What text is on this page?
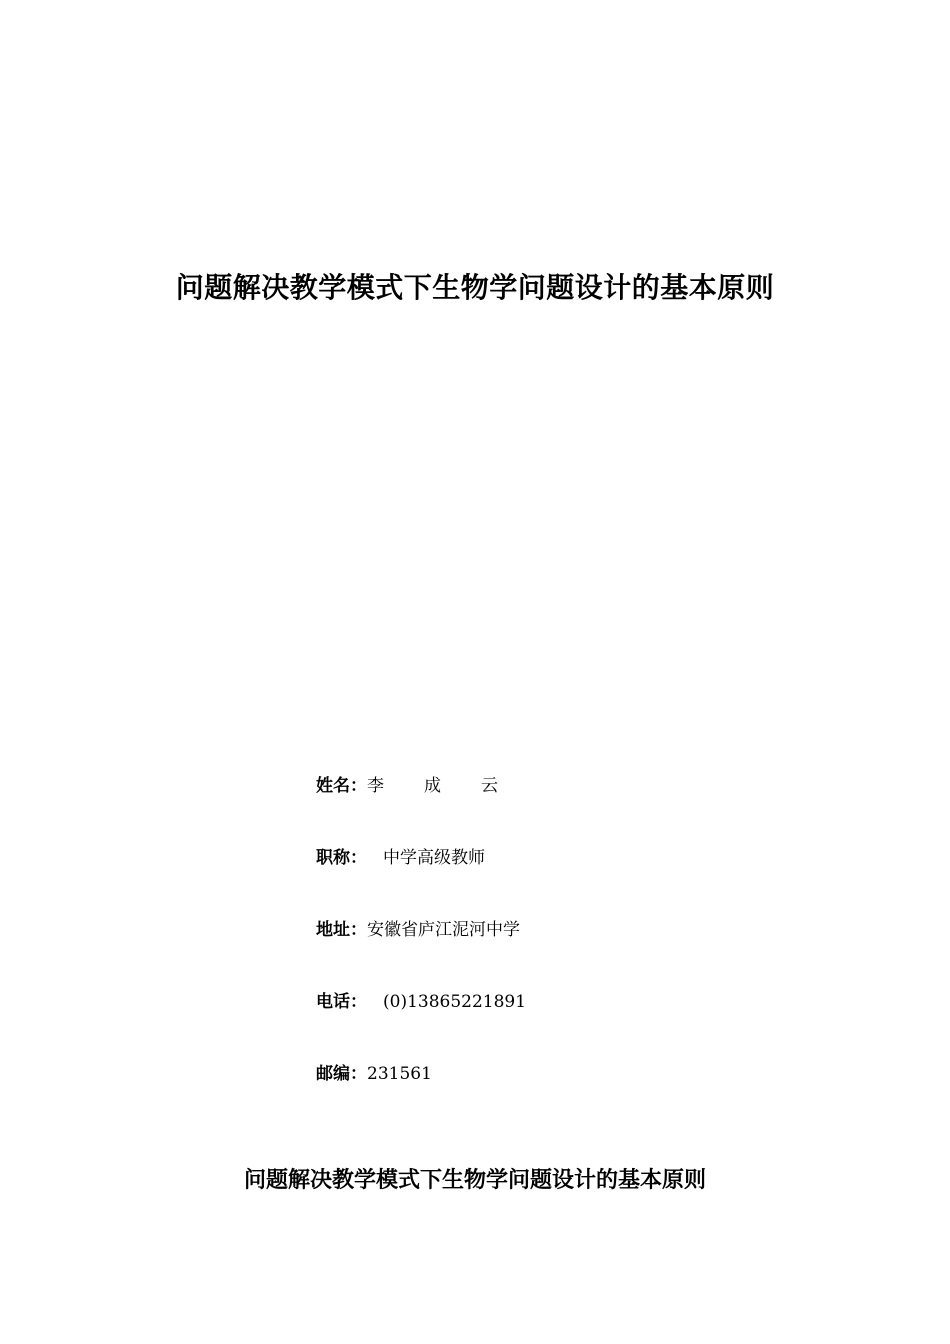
问题解决教学模式下生物学问题设计的基本原则
姓名：李 成 云
职称： 中学高级教师
地址：安徽省庐江泥河中学
电话： (0)13865221891
邮编：231561
问题解决教学模式下生物学问题设计的基本原则
